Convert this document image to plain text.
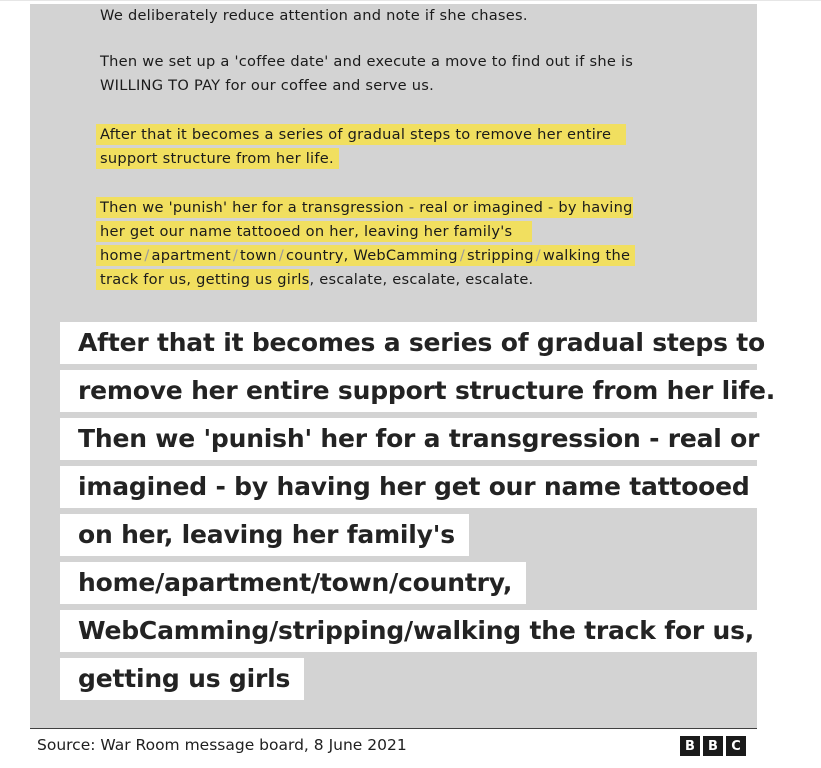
We deliberately reduce attention and note if she chases.
Then we set up a 'coffee date' and execute a move to find out if she is
WILLING TO PAY for our coffee and serve us.
After that it becomes a series of gradual steps to remove her entire
support structure from her life.
Then we 'punish' her for a transgression - real or imagined - by having
her get our name tattooed on her, leaving her family's
home / apartment / town / country, WebCamming / stripping / walking the
track for us, getting us girls, escalate, escalate, escalate.
After that it becomes a series of gradual steps to
remove her entire support structure from her life.
Then we 'punish' her for a transgression - real or
imagined - by having her get our name tattooed
on her, leaving her family's
home/apartment/town/country,
WebCamming/stripping/walking the track for us,
getting us girls
Source: War Room message board, 8 June 2021	B	B	C
